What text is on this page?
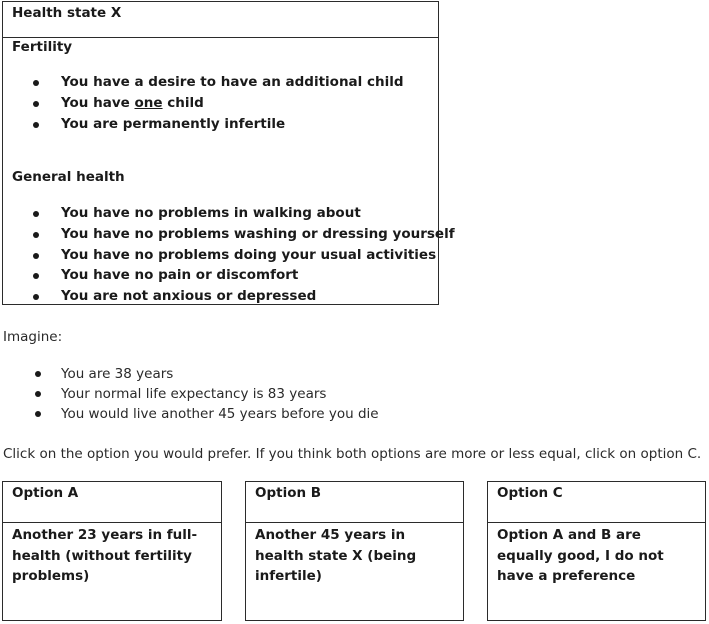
Health state X
Fertility
You have a desire to have an additional child
You have one child
You are permanently infertile
General health
You have no problems in walking about
You have no problems washing or dressing yourself
You have no problems doing your usual activities
You have no pain or discomfort
You are not anxious or depressed
Imagine:
You are 38 years
Your normal life expectancy is 83 years
You would live another 45 years before you die
Click on the option you would prefer. If you think both options are more or less equal, click on option C.
Option A
Another 23 years in full-health (without fertility problems)
Option B
Another 45 years in health state X (being infertile)
Option C
Option A and B are equally good, I do not have a preference
